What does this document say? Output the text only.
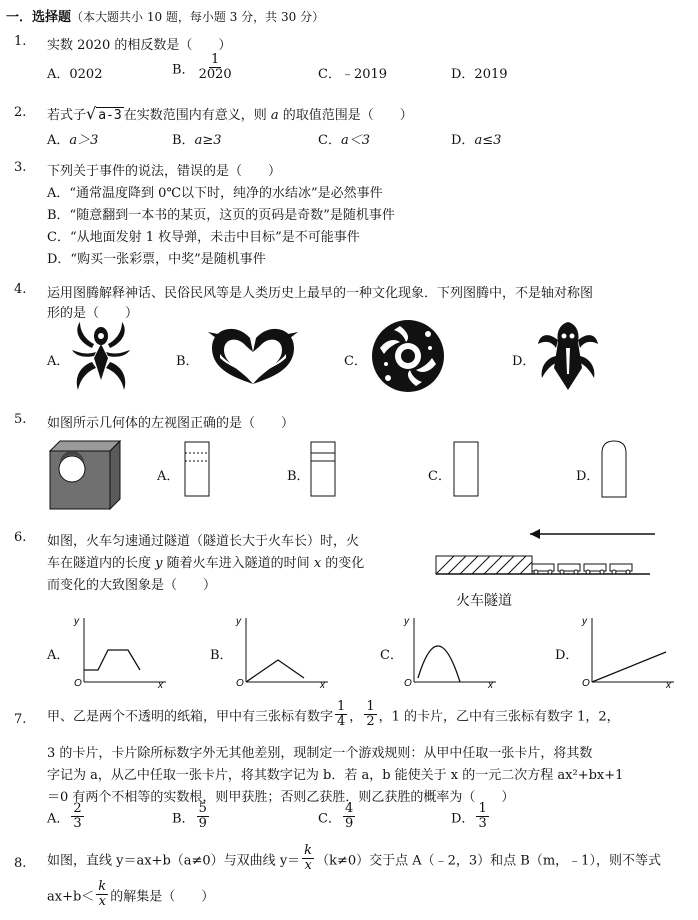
一．选择题（本大题共小 10 题，每小题 3 分，共 30 分）
1. 实数 2020 的相反数是（　　）
A．0202	B． $\frac{1}{2020}$	C．﹣2019	D．2019
2. 若式子√ a-3 在实数范围内有意义，则 a 的取值范围是（　　）
A．a＞3	B．a≥3	C．a＜3	D．a≤3
3. 下列关于事件的说法，错误的是（　　）
A．“通常温度降到 0℃以下时，纯净的水结冰”是必然事件
B．“随意翻到一本书的某页，这页的页码是奇数”是随机事件
C．“从地面发射 1 枚导弹，未击中目标”是不可能事件
D．“购买一张彩票，中奖”是随机事件
4. 运用图腾解释神话、民俗民风等是人类历史上最早的一种文化现象．下列图腾中，不是轴对称图
形的是（　　）
A．	B．	C．	D．
5. 如图所示几何体的左视图正确的是（　　）
A．	B．	C．	D．
6. 如图，火车匀速通过隧道（隧道长大于火车长）时，火
车在隧道内的长度 y 随着火车进入隧道的时间 x 的变化
而变化的大致图象是（　　）
火车隧道
A．
y
x
O
B．
y
x
O
C．
y
x
O
D．
y
x
O
7. 甲、乙是两个不透明的纸箱，甲中有三张标有数字 $\frac{1}{4}$ ， $\frac{1}{2}$ ，1 的卡片，乙中有三张标有数字 1，2，
3 的卡片，卡片除所标数字外无其他差别，现制定一个游戏规则：从甲中任取一张卡片，将其数
字记为 a，从乙中任取一张卡片，将其数字记为 b．若 a，b 能使关于 x 的一元二次方程 ax²+bx+1
＝0 有两个不相等的实数根，则甲获胜；否则乙获胜．则乙获胜的概率为（　　）
A． $\frac{2}{3}$	B． $\frac{5}{9}$	C． $\frac{4}{9}$	D． $\frac{1}{3}$
8. 如图，直线 y＝ax+b（a≠0）与双曲线 $y= \frac{k}{x} (k\ne 0)$交于点 A（﹣2，3）和点 B（m，﹣1），则不等式
$ax+b< \frac{k}{x}$ 的解集是（　　）
